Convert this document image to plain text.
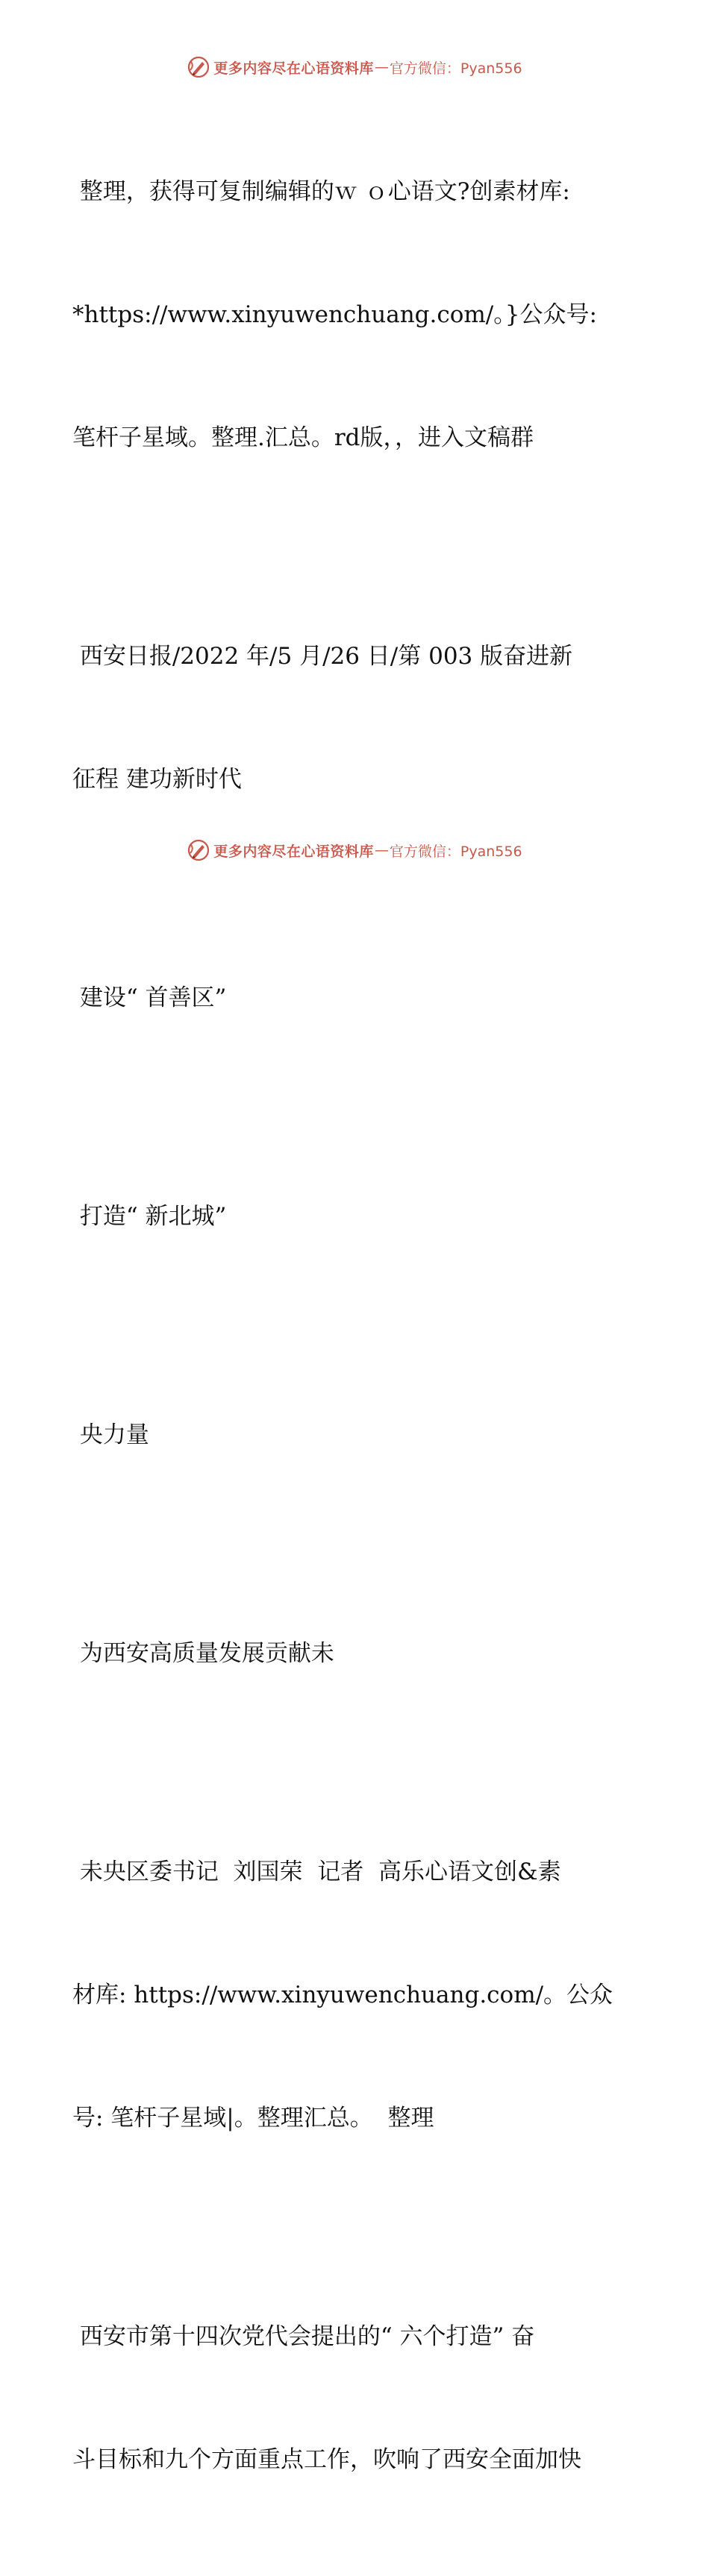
更多内容尽在心语资料库 — 官方微信：Pyan556

整理，获得可复制编辑的ｗ ｏ心语文?创素材库:

*https://www.xinyuwenchuang.com/。}公众号:

笔杆子星域。整理.汇总。rd版，，进入文稿群

西安日报/2022 年/5 月/26 日/第 003 版奋进新

征程 建功新时代

建设“ 首善区”

打造“ 新北城”

央力量

为西安高质量发展贡献未

未央区委书记  刘国荣  记者  高乐心语文创&素

材库: https://www.xinyuwenchuang.com/。公众

号: 笔杆子星域|。整理汇总。  整理

西安市第十四次党代会提出的“ 六个打造” 奋

斗目标和九个方面重点工作，吹响了西安全面加快

更多内容尽在心语资料库 — 官方微信：Pyan556
